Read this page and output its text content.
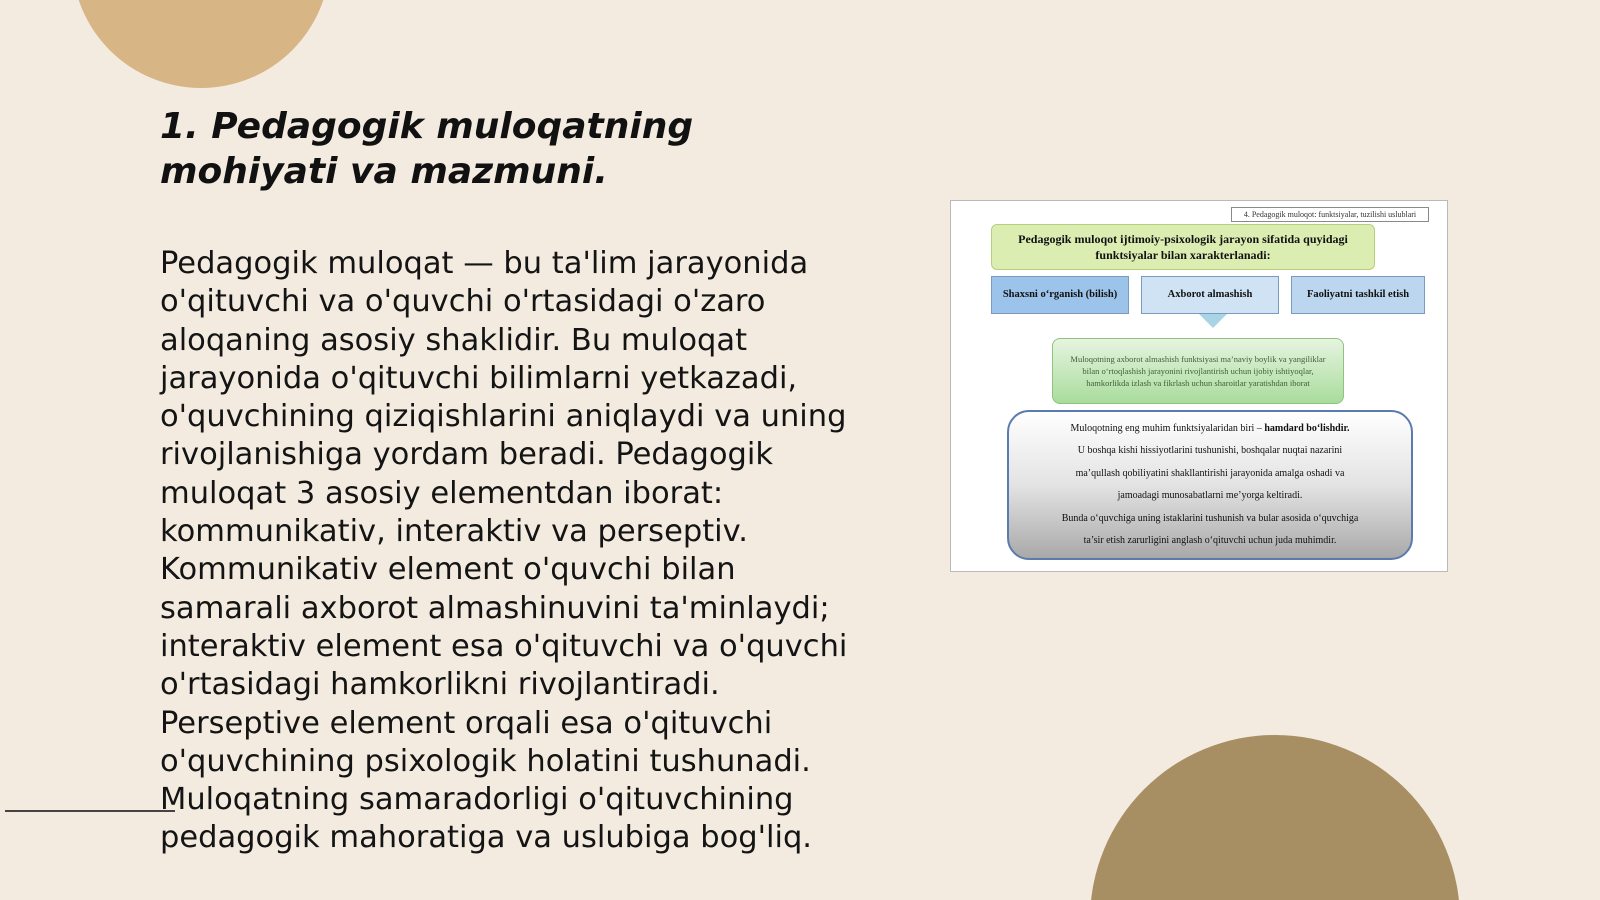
1. Pedagogik muloqatning mohiyati va mazmuni.

Pedagogik muloqat — bu ta'lim jarayonida o'qituvchi va o'quvchi o'rtasidagi o'zaro aloqaning asosiy shaklidir. Bu muloqat jarayonida o'qituvchi bilimlarni yetkazadi, o'quvchining qiziqishlarini aniqlaydi va uning rivojlanishiga yordam beradi. Pedagogik muloqat 3 asosiy elementdan iborat: kommunikativ, interaktiv va perseptiv. Kommunikativ element o'quvchi bilan samarali axborot almashinuvini ta'minlaydi; interaktiv element esa o'qituvchi va o'quvchi o'rtasidagi hamkorlikni rivojlantiradi. Perseptive element orqali esa o'qituvchi o'quvchining psixologik holatini tushunadi. Muloqatning samaradorligi o'qituvchining pedagogik mahoratiga va uslubiga bog'liq.

4. Pedagogik muloqot: funktsiyalar, tuzilishi uslublari
Pedagogik muloqot ijtimoiy-psixologik jarayon sifatida quyidagi funktsiyalar bilan xarakterlanadi:
Shaxsni o‘rganish (bilish)	Axborot almashish	Faoliyatni tashkil etish
Muloqotning axborot almashish funktsiyasi ma’naviy boylik va yangiliklar bilan o‘rtoqlashish jarayonini rivojlantirish uchun ijobiy ishtiyoqlar, hamkorlikda izlash va fikrlash uchun sharoitlar yaratishdan iborat
Muloqotning eng muhim funktsiyalaridan biri – hamdard bo‘lishdir.
U boshqa kishi hissiyotlarini tushunishi, boshqalar nuqtai nazarini
ma’qullash qobiliyatini shakllantirishi jarayonida amalga oshadi va
jamoadagi munosabatlarni me’yorga keltiradi.
Bunda o‘quvchiga uning istaklarini tushunish va bular asosida o‘quvchiga
ta’sir etish zarurligini anglash o‘qituvchi uchun juda muhimdir.
